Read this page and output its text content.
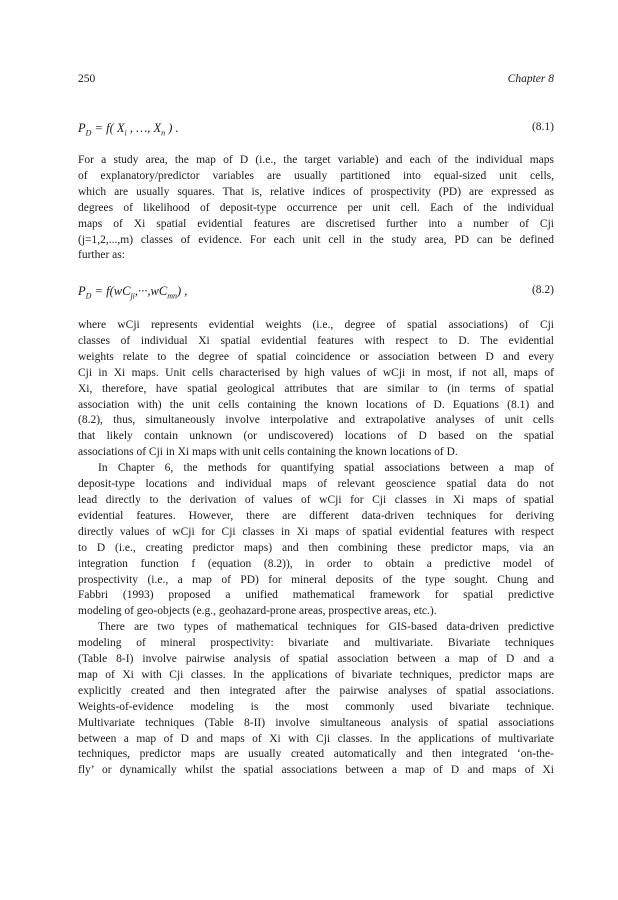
250	Chapter 8
$P_D = f$( $X_i$ , …, $X_n$ ) .	(8.1)

For a study area, the map of D (i.e., the target variable) and each of the individual maps
of explanatory/predictor variables are usually partitioned into equal-sized unit cells,
which are usually squares. That is, relative indices of prospectivity (PD) are expressed as
degrees of likelihood of deposit-type occurrence per unit cell. Each of the individual
maps of Xi spatial evidential features are discretised further into a number of Cji
(j=1,2,...,m) classes of evidence. For each unit cell in the study area, PD can be defined
further as:

$P_D = f(wC_{ji},\cdot\cdot\cdot,wC_{mn})$ ,	(8.2)

where wCji represents evidential weights (i.e., degree of spatial associations) of Cji
classes of individual Xi spatial evidential features with respect to D. The evidential
weights relate to the degree of spatial coincidence or association between D and every
Cji in Xi maps. Unit cells characterised by high values of wCji in most, if not all, maps of
Xi, therefore, have spatial geological attributes that are similar to (in terms of spatial
association with) the unit cells containing the known locations of D. Equations (8.1) and
(8.2), thus, simultaneously involve interpolative and extrapolative analyses of unit cells
that likely contain unknown (or undiscovered) locations of D based on the spatial
associations of Cji in Xi maps with unit cells containing the known locations of D.

In Chapter 6, the methods for quantifying spatial associations between a map of

deposit-type locations and individual maps of relevant geoscience spatial data do not
lead directly to the derivation of values of wCji for Cji classes in Xi maps of spatial
evidential features. However, there are different data-driven techniques for deriving
directly values of wCji for Cji classes in Xi maps of spatial evidential features with respect
to D (i.e., creating predictor maps) and then combining these predictor maps, via an
integration function f (equation (8.2)), in order to obtain a predictive model of
prospectivity (i.e., a map of PD) for mineral deposits of the type sought. Chung and
Fabbri (1993) proposed a unified mathematical framework for spatial predictive
modeling of geo-objects (e.g., geohazard-prone areas, prospective areas, etc.).

There are two types of mathematical techniques for GIS-based data-driven predictive

modeling of mineral prospectivity: bivariate and multivariate. Bivariate techniques
(Table 8-I) involve pairwise analysis of spatial association between a map of D and a
map of Xi with Cji classes. In the applications of bivariate techniques, predictor maps are
explicitly created and then integrated after the pairwise analyses of spatial associations.
Weights-of-evidence modeling is the most commonly used bivariate technique.
Multivariate techniques (Table 8-II) involve simultaneous analysis of spatial associations
between a map of D and maps of Xi with Cji classes. In the applications of multivariate
techniques, predictor maps are usually created automatically and then integrated ‘on-the-
fly’ or dynamically whilst the spatial associations between a map of D and maps of Xi
